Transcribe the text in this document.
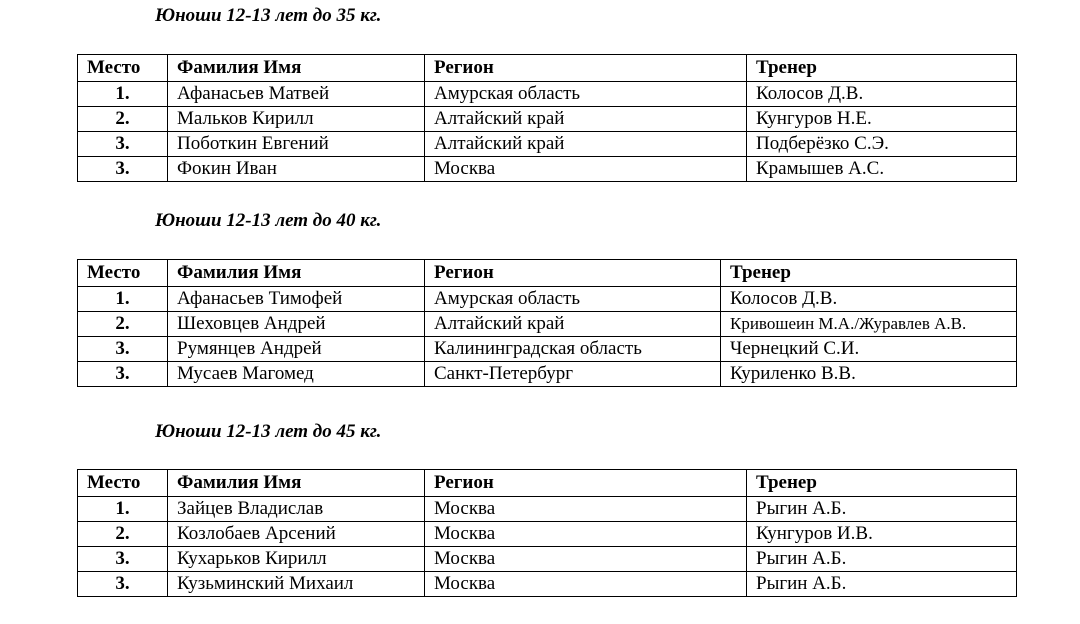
Юноши 12-13 лет до 35 кг.
Место	Фамилия Имя	Регион	Тренер
1.	Афанасьев Матвей	Амурская область	Колосов Д.В.
2.	Мальков Кирилл	Алтайский край	Кунгуров Н.Е.
3.	Поботкин Евгений	Алтайский край	Подберёзко С.Э.
3.	Фокин Иван	Москва	Крамышев А.С.
Юноши 12-13 лет до 40 кг.
Место	Фамилия Имя	Регион	Тренер
1.	Афанасьев Тимофей	Амурская область	Колосов Д.В.
2.	Шеховцев Андрей	Алтайский край	Кривошеин М.А./Журавлев А.В.
3.	Румянцев Андрей	Калининградская область	Чернецкий С.И.
3.	Мусаев Магомед	Санкт-Петербург	Куриленко В.В.
Юноши 12-13 лет до 45 кг.
Место	Фамилия Имя	Регион	Тренер
1.	Зайцев Владислав	Москва	Рыгин А.Б.
2.	Козлобаев Арсений	Москва	Кунгуров И.В.
3.	Кухарьков Кирилл	Москва	Рыгин А.Б.
3.	Кузьминский Михаил	Москва	Рыгин А.Б.
